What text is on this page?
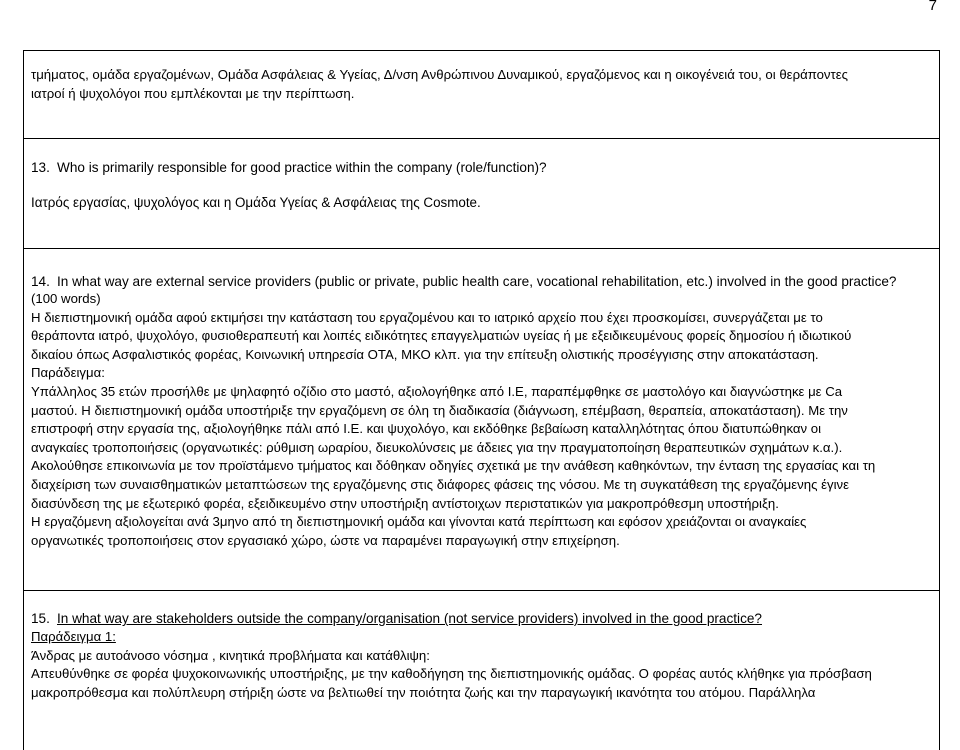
7
τμήματος, ομάδα εργαζομένων, Ομάδα Ασφάλειας & Υγείας, Δ/νση Ανθρώπινου Δυναμικού, εργαζόμενος και η οικογένειά του, οι θεράποντες
ιατροί ή ψυχολόγοι που εμπλέκονται με την περίπτωση.
13. Who is primarily responsible for good practice within the company (role/function)?
Ιατρός εργασίας, ψυχολόγος και η Ομάδα Υγείας & Ασφάλειας της Cosmote.
14. In what way are external service providers (public or private, public health care, vocational rehabilitation, etc.) involved in the good practice?
(100 words)
Η διεπιστημονική ομάδα αφού εκτιμήσει την κατάσταση του εργαζομένου και το ιατρικό αρχείο που έχει προσκομίσει, συνεργάζεται με το
θεράποντα ιατρό, ψυχολόγο, φυσιοθεραπευτή και λοιπές ειδικότητες επαγγελματιών υγείας ή με εξειδικευμένους φορείς δημοσίου ή ιδιωτικού
δικαίου όπως Ασφαλιστικός φορέας, Κοινωνική υπηρεσία ΟΤΑ, ΜΚΟ κλπ. για την επίτευξη ολιστικής προσέγγισης στην αποκατάσταση.
Παράδειγμα:
Υπάλληλος 35 ετών προσήλθε με ψηλαφητό οζίδιο στο μαστό, αξιολογήθηκε από Ι.Ε, παραπέμφθηκε σε μαστολόγο και διαγνώστηκε με Ca
μαστού. Η διεπιστημονική ομάδα υποστήριξε την εργαζόμενη σε όλη τη διαδικασία (διάγνωση, επέμβαση, θεραπεία, αποκατάσταση). Με την
επιστροφή στην εργασία της, αξιολογήθηκε πάλι από Ι.Ε. και ψυχολόγο, και εκδόθηκε βεβαίωση καταλληλότητας όπου διατυπώθηκαν οι
αναγκαίες τροποποιήσεις (οργανωτικές: ρύθμιση ωραρίου, διευκολύνσεις με άδειες για την πραγματοποίηση θεραπευτικών σχημάτων κ.α.).
Ακολούθησε επικοινωνία με τον προϊστάμενο τμήματος και δόθηκαν οδηγίες σχετικά με την ανάθεση καθηκόντων, την ένταση της εργασίας και τη
διαχείριση των συναισθηματικών μεταπτώσεων της εργαζόμενης στις διάφορες φάσεις της νόσου. Με τη συγκατάθεση της εργαζόμενης έγινε
διασύνδεση της με εξωτερικό φορέα, εξειδικευμένο στην υποστήριξη αντίστοιχων περιστατικών για μακροπρόθεσμη υποστήριξη.
Η εργαζόμενη αξιολογείται ανά 3μηνο από τη διεπιστημονική ομάδα και γίνονται κατά περίπτωση και εφόσον χρειάζονται οι αναγκαίες
οργανωτικές τροποποιήσεις στον εργασιακό χώρο, ώστε να παραμένει παραγωγική στην επιχείρηση.
15. In what way are stakeholders outside the company/organisation (not service providers) involved in the good practice?
Παράδειγμα 1:
Άνδρας με αυτοάνοσο νόσημα , κινητικά προβλήματα και κατάθλιψη:
Απευθύνθηκε σε φορέα ψυχοκοινωνικής υποστήριξης, με την καθοδήγηση της διεπιστημονικής ομάδας. Ο φορέας αυτός κλήθηκε για πρόσβαση
μακροπρόθεσμα και πολύπλευρη στήριξη ώστε να βελτιωθεί την ποιότητα ζωής και την παραγωγική ικανότητα του ατόμου. Παράλληλα
